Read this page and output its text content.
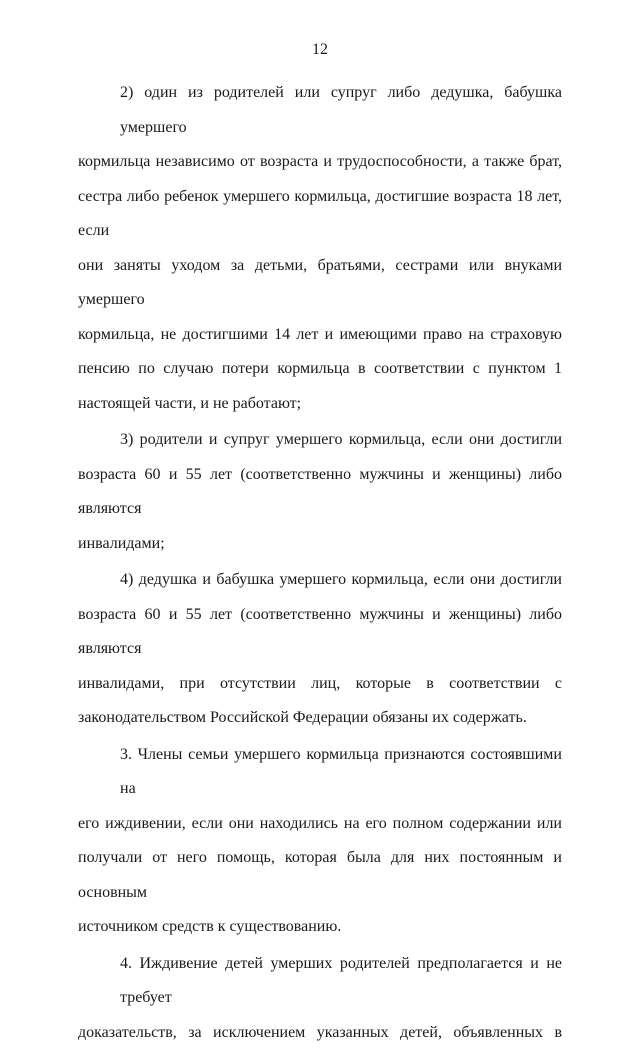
12
2) один из родителей или супруг либо дедушка, бабушка умершего
кормильца независимо от возраста и трудоспособности, а также брат,
сестра либо ребенок умершего кормильца, достигшие возраста 18 лет, если
они заняты уходом за детьми, братьями, сестрами или внуками умершего
кормильца, не достигшими 14 лет и имеющими право на страховую
пенсию по случаю потери кормильца в соответствии с пунктом 1
настоящей части, и не работают;
3) родители и супруг умершего кормильца, если они достигли
возраста 60 и 55 лет (соответственно мужчины и женщины) либо являются
инвалидами;
4) дедушка и бабушка умершего кормильца, если они достигли
возраста 60 и 55 лет (соответственно мужчины и женщины) либо являются
инвалидами, при отсутствии лиц, которые в соответствии с
законодательством Российской Федерации обязаны их содержать.
3. Члены семьи умершего кормильца признаются состоявшими на
его иждивении, если они находились на его полном содержании или
получали от него помощь, которая была для них постоянным и основным
источником средств к существованию.
4. Иждивение детей умерших родителей предполагается и не требует
доказательств, за исключением указанных детей, объявленных в
